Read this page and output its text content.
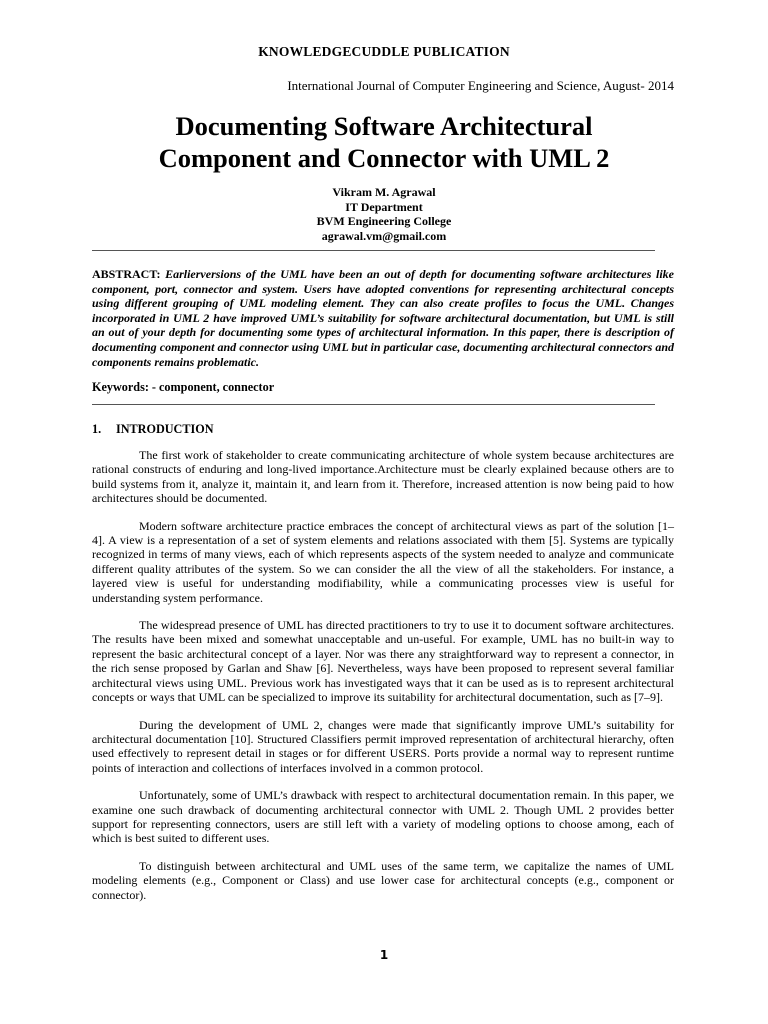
KNOWLEDGECUDDLE PUBLICATION
International Journal of Computer Engineering and Science, August- 2014
Documenting Software Architectural
Component and Connector with UML 2
Vikram M. Agrawal
IT Department
BVM Engineering College
agrawal.vm@gmail.com
ABSTRACT: Earlierversions of the UML have been an out of depth for documenting software architectures like component, port, connector and system. Users have adopted conventions for representing architectural concepts using different grouping of UML modeling element. They can also create profiles to focus the UML. Changes incorporated in UML 2 have improved UML’s suitability for software architectural documentation, but UML is still an out of your depth for documenting some types of architectural information. In this paper, there is description of documenting component and connector using UML but in particular case, documenting architectural connectors and components remains problematic.
Keywords: - component, connector
1. INTRODUCTION

The first work of stakeholder to create communicating architecture of whole system because architectures are rational constructs of enduring and long-lived importance.Architecture must be clearly explained because others are to build systems from it, analyze it, maintain it, and learn from it. Therefore, increased attention is now being paid to how architectures should be documented.

Modern software architecture practice embraces the concept of architectural views as part of the solution [1–4]. A view is a representation of a set of system elements and relations associated with them [5]. Systems are typically recognized in terms of many views, each of which represents aspects of the system needed to analyze and communicate different quality attributes of the system. So we can consider the all the view of all the stakeholders. For instance, a layered view is useful for understanding modifiability, while a communicating processes view is useful for understanding system performance.

The widespread presence of UML has directed practitioners to try to use it to document software architectures. The results have been mixed and somewhat unacceptable and un-useful. For example, UML has no built-in way to represent the basic architectural concept of a layer. Nor was there any straightforward way to represent a connector, in the rich sense proposed by Garlan and Shaw [6]. Nevertheless, ways have been proposed to represent several familiar architectural views using UML. Previous work has investigated ways that it can be used as is to represent architectural concepts or ways that UML can be specialized to improve its suitability for architectural documentation, such as [7–9].

During the development of UML 2, changes were made that significantly improve UML’s suitability for architectural documentation [10]. Structured Classifiers permit improved representation of architectural hierarchy, often used effectively to represent detail in stages or for different USERS. Ports provide a normal way to represent runtime points of interaction and collections of interfaces involved in a common protocol.

Unfortunately, some of UML’s drawback with respect to architectural documentation remain. In this paper, we examine one such drawback of documenting architectural connector with UML 2. Though UML 2 provides better support for representing connectors, users are still left with a variety of modeling options to choose among, each of which is best suited to different uses.

To distinguish between architectural and UML uses of the same term, we capitalize the names of UML modeling elements (e.g., Component or Class) and use lower case for architectural concepts (e.g., component or connector).

1
